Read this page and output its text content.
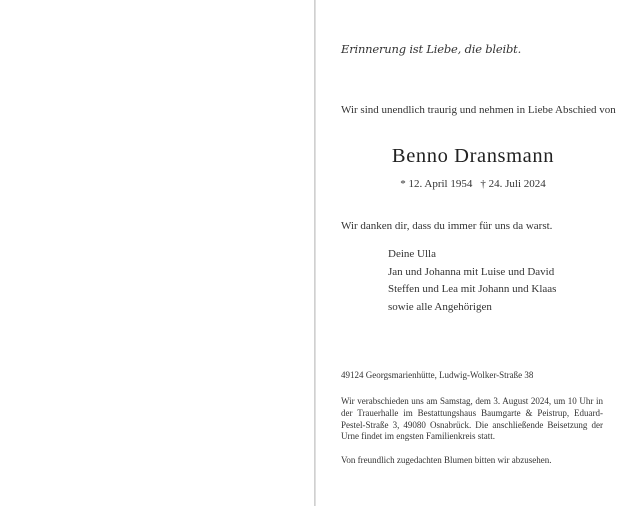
Erinnerung ist Liebe, die bleibt.
Wir sind unendlich traurig und nehmen in Liebe Abschied von
Benno Dransmann
* 12. April 1954 † 24. Juli 2024
Wir danken dir, dass du immer für uns da warst.
Deine Ulla
Jan und Johanna mit Luise und David
Steffen und Lea mit Johann und Klaas
sowie alle Angehörigen
49124 Georgsmarienhütte, Ludwig-Wolker-Straße 38

Wir verabschieden uns am Samstag, dem 3. August 2024, um 10 Uhr in der Trauerhalle im Bestattungshaus Baumgarte & Peistrup, Eduard-Pestel-Straße 3, 49080 Osnabrück. Die anschließende Beisetzung der Urne findet im engsten Familienkreis statt.

Von freundlich zugedachten Blumen bitten wir abzusehen.
